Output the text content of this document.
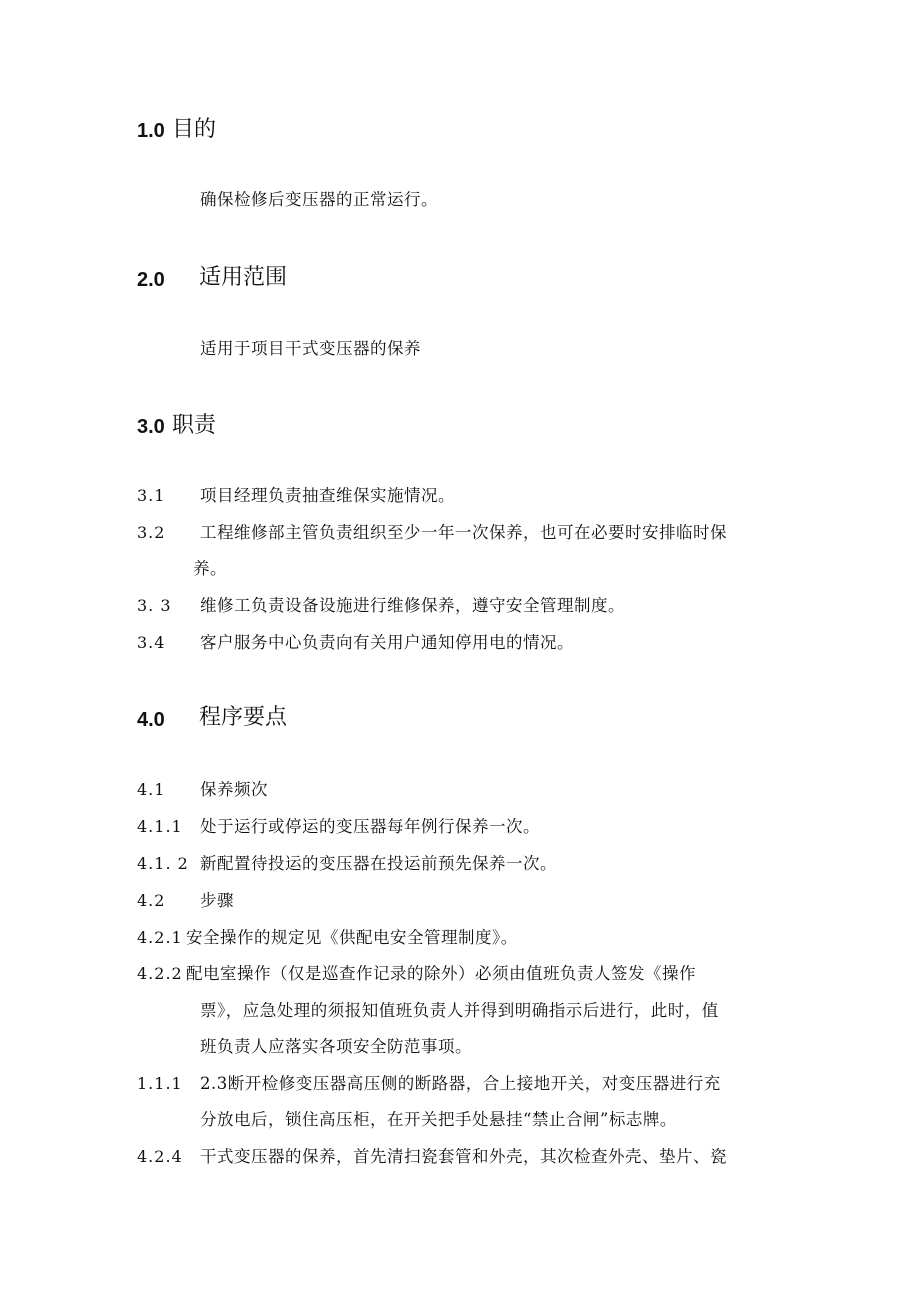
1.0 目的
确保检修后变压器的正常运行。
2.0 适用范围
适用于项目干式变压器的保养
3.0 职责
3.1 项目经理负责抽查维保实施情况。
3.2 工程维修部主管负责组织至少一年一次保养，也可在必要时安排临时保
养。
3. 3 维修工负责设备设施进行维修保养，遵守安全管理制度。
3.4 客户服务中心负责向有关用户通知停用电的情况。
4.0 程序要点
4.1 保养频次
4.1.1 处于运行或停运的变压器每年例行保养一次。
4.1. 2 新配置待投运的变压器在投运前预先保养一次。
4.2 步骤
4.2.1 安全操作的规定见《供配电安全管理制度》。
4.2.2 配电室操作（仅是巡查作记录的除外）必须由值班负责人签发《操作
票》，应急处理的须报知值班负责人并得到明确指示后进行，此时，值
班负责人应落实各项安全防范事项。
1.1.1 2.3断开检修变压器高压侧的断路器，合上接地开关，对变压器进行充
分放电后，锁住高压柜，在开关把手处悬挂“禁止合闸”标志牌。
4.2.4 干式变压器的保养，首先清扫瓷套管和外壳，其次检查外壳、垫片、瓷
